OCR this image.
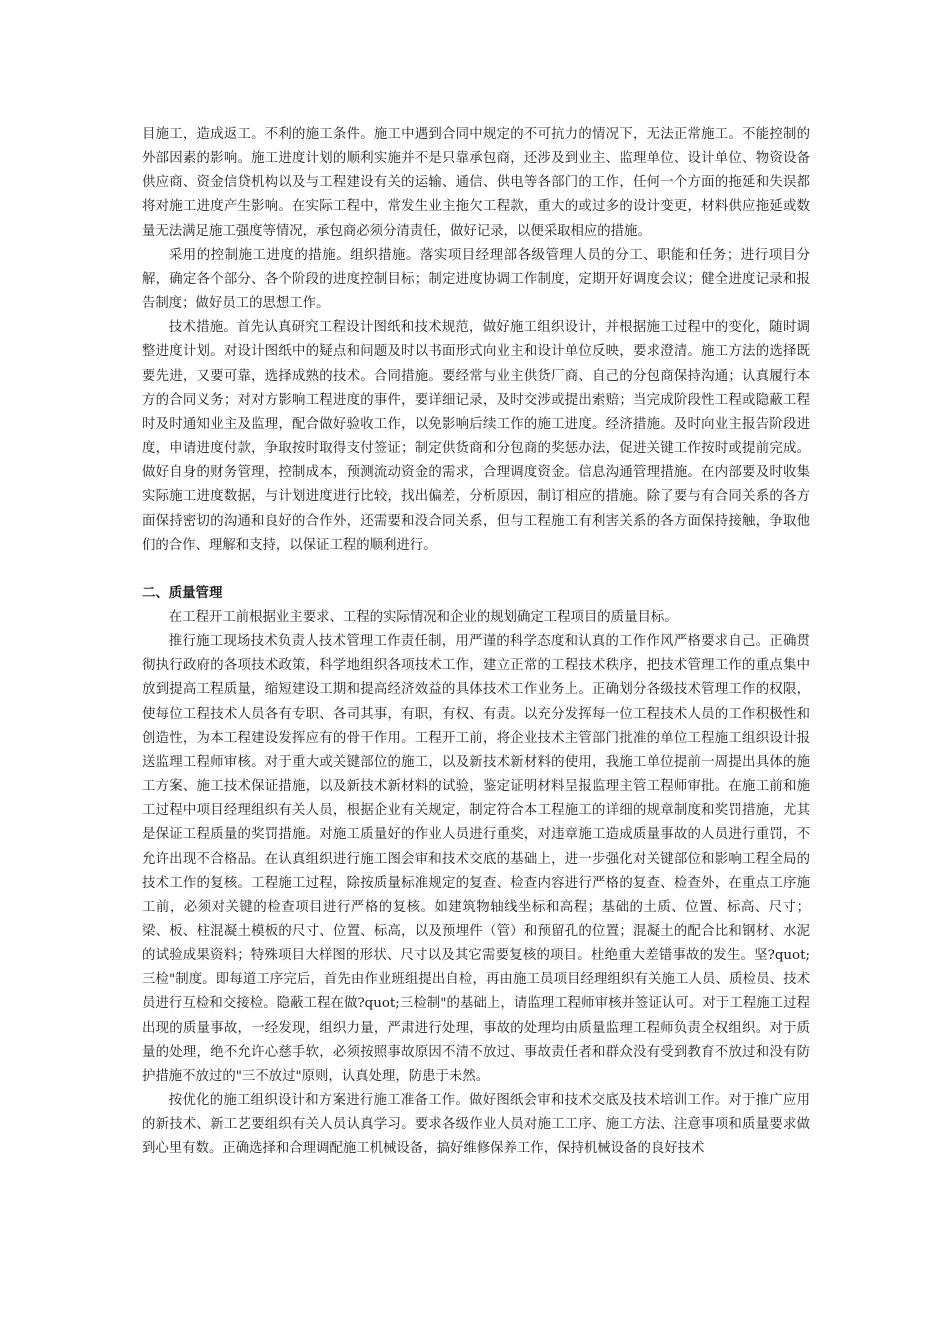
目施工，造成返工。不利的施工条件。施工中遇到合同中规定的不可抗力的情况下，无法正常施工。不能控制的外部因素的影响。施工进度计划的顺利实施并不是只靠承包商，还涉及到业主、监理单位、设计单位、物资设备供应商、资金信贷机构以及与工程建设有关的运输、通信、供电等各部门的工作，任何一个方面的拖延和失误都将对施工进度产生影响。在实际工程中，常发生业主拖欠工程款，重大的或过多的设计变更，材料供应拖延或数量无法满足施工强度等情况，承包商必须分清责任，做好记录，以便采取相应的措施。

采用的控制施工进度的措施。组织措施。落实项目经理部各级管理人员的分工、职能和任务；进行项目分解，确定各个部分、各个阶段的进度控制目标；制定进度协调工作制度，定期开好调度会议；健全进度记录和报告制度；做好员工的思想工作。

技术措施。首先认真研究工程设计图纸和技术规范，做好施工组织设计，并根据施工过程中的变化，随时调整进度计划。对设计图纸中的疑点和问题及时以书面形式向业主和设计单位反映，要求澄清。施工方法的选择既要先进，又要可靠，选择成熟的技术。合同措施。要经常与业主供货厂商、自己的分包商保持沟通；认真履行本方的合同义务；对对方影响工程进度的事件，要详细记录，及时交涉或提出索赔；当完成阶段性工程或隐蔽工程时及时通知业主及监理，配合做好验收工作，以免影响后续工作的施工进度。经济措施。及时向业主报告阶段进度，申请进度付款，争取按时取得支付签证；制定供货商和分包商的奖惩办法，促进关键工作按时或提前完成。做好自身的财务管理，控制成本，预测流动资金的需求，合理调度资金。信息沟通管理措施。在内部要及时收集实际施工进度数据，与计划进度进行比较，找出偏差，分析原因，制订相应的措施。除了要与有合同关系的各方面保持密切的沟通和良好的合作外，还需要和没合同关系，但与工程施工有利害关系的各方面保持接触，争取他们的合作、理解和支持，以保证工程的顺利进行。

二、质量管理

在工程开工前根据业主要求、工程的实际情况和企业的规划确定工程项目的质量目标。

推行施工现场技术负责人技术管理工作责任制，用严谨的科学态度和认真的工作作风严格要求自己。正确贯彻执行政府的各项技术政策，科学地组织各项技术工作，建立正常的工程技术秩序，把技术管理工作的重点集中放到提高工程质量，缩短建设工期和提高经济效益的具体技术工作业务上。正确划分各级技术管理工作的权限，使每位工程技术人员各有专职、各司其事，有职，有权、有责。以充分发挥每一位工程技术人员的工作积极性和创造性，为本工程建设发挥应有的骨干作用。工程开工前，将企业技术主管部门批准的单位工程施工组织设计报送监理工程师审核。对于重大或关键部位的施工，以及新技术新材料的使用，我施工单位提前一周提出具体的施工方案、施工技术保证措施，以及新技术新材料的试验，鉴定证明材料呈报监理主管工程师审批。在施工前和施工过程中项目经理组织有关人员，根据企业有关规定，制定符合本工程施工的详细的规章制度和奖罚措施，尤其是保证工程质量的奖罚措施。对施工质量好的作业人员进行重奖，对违章施工造成质量事故的人员进行重罚，不允许出现不合格品。在认真组织进行施工图会审和技术交底的基础上，进一步强化对关键部位和影响工程全局的技术工作的复核。工程施工过程，除按质量标准规定的复查、检查内容进行严格的复查、检查外，在重点工序施工前，必须对关键的检查项目进行严格的复核。如建筑物轴线坐标和高程；基础的土质、位置、标高、尺寸；梁、板、柱混凝土模板的尺寸、位置、标高，以及预埋件（管）和预留孔的位置；混凝土的配合比和钢材、水泥的试验成果资料；特殊项目大样图的形状、尺寸以及其它需要复核的项目。杜绝重大差错事故的发生。坚?quot;三检"制度。即每道工序完后，首先由作业班组提出自检，再由施工员项目经理组织有关施工人员、质检员、技术员进行互检和交接检。隐蔽工程在做?quot;三检制"的基础上，请监理工程师审核并签证认可。对于工程施工过程出现的质量事故，一经发现，组织力量，严肃进行处理，事故的处理均由质量监理工程师负责全权组织。对于质量的处理，绝不允许心慈手软，必须按照事故原因不清不放过、事故责任者和群众没有受到教育不放过和没有防护措施不放过的"三不放过"原则，认真处理，防患于未然。

按优化的施工组织设计和方案进行施工准备工作。做好图纸会审和技术交底及技术培训工作。对于推广应用的新技术、新工艺要组织有关人员认真学习。要求各级作业人员对施工工序、施工方法、注意事项和质量要求做到心里有数。正确选择和合理调配施工机械设备，搞好维修保养工作，保持机械设备的良好技术
